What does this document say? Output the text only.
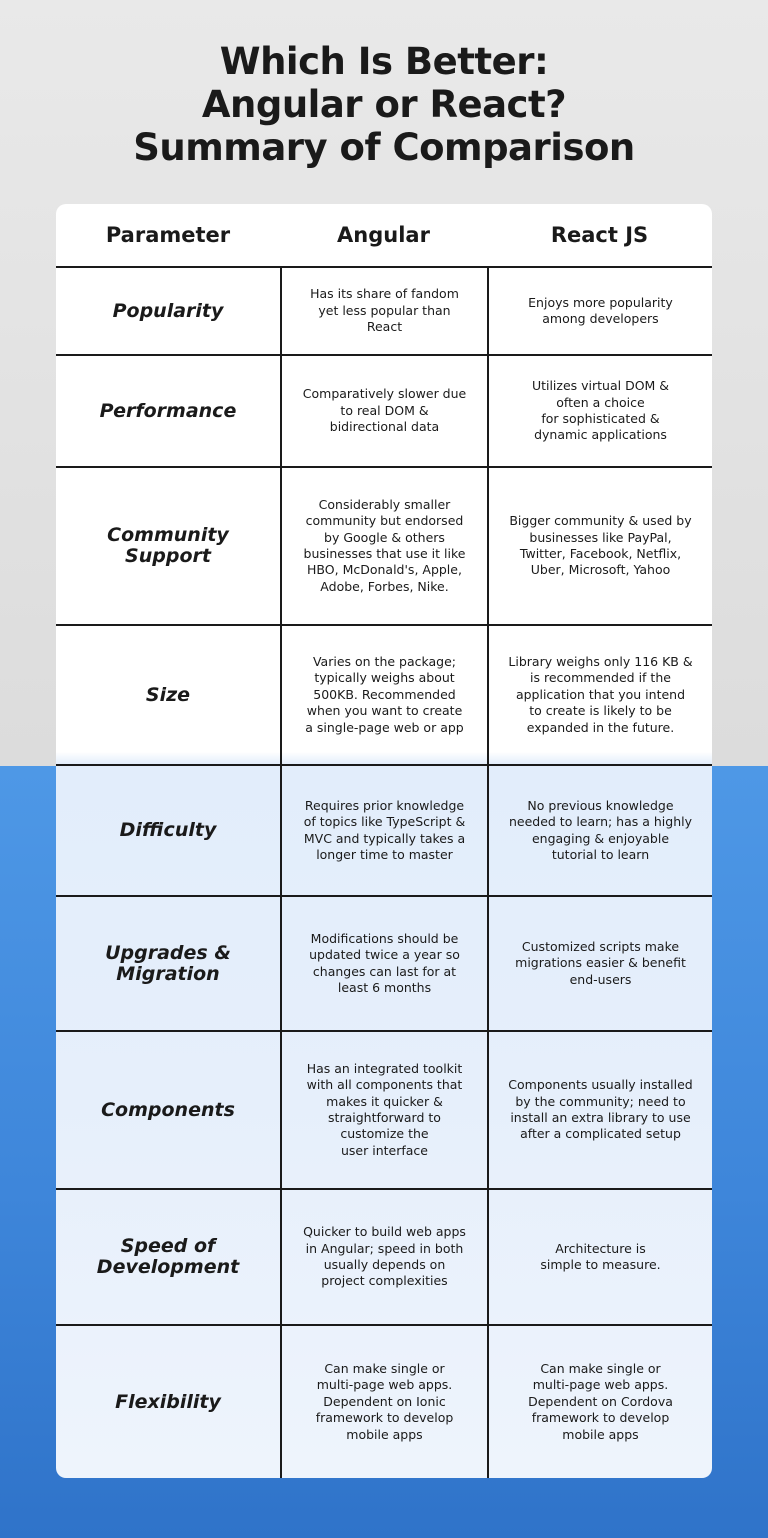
Which Is Better:
Angular or React?
Summary of Comparison
Parameter	Angular	React JS
Popularity
Has its share of fandom
yet less popular than
React
Enjoys more popularity
among developers
Performance
Comparatively slower due
to real DOM &
bidirectional data
Utilizes virtual DOM &
often a choice
for sophisticated &
dynamic applications
Community
Support
Considerably smaller
community but endorsed
by Google & others
businesses that use it like
HBO, McDonald's, Apple,
Adobe, Forbes, Nike.
Bigger community & used by
businesses like PayPal,
Twitter, Facebook, Netflix,
Uber, Microsoft, Yahoo
Size
Varies on the package;
typically weighs about
500KB. Recommended
when you want to create
a single-page web or app
Library weighs only 116 KB &
is recommended if the
application that you intend
to create is likely to be
expanded in the future.
Difficulty
Requires prior knowledge
of topics like TypeScript &
MVC and typically takes a
longer time to master
No previous knowledge
needed to learn; has a highly
engaging & enjoyable
tutorial to learn
Upgrades &
Migration
Modifications should be
updated twice a year so
changes can last for at
least 6 months
Customized scripts make
migrations easier & benefit
end-users
Components
Has an integrated toolkit
with all components that
makes it quicker &
straightforward to
customize the
user interface
Components usually installed
by the community; need to
install an extra library to use
after a complicated setup
Speed of
Development
Quicker to build web apps
in Angular; speed in both
usually depends on
project complexities
Architecture is
simple to measure.
Flexibility
Can make single or
multi-page web apps.
Dependent on Ionic
framework to develop
mobile apps
Can make single or
multi-page web apps.
Dependent on Cordova
framework to develop
mobile apps
